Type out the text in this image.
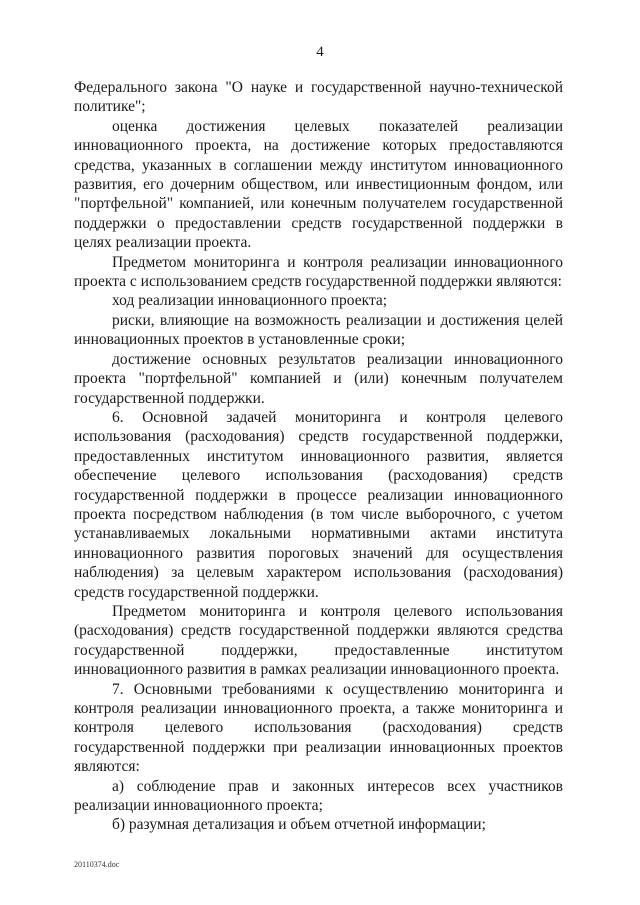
4

Федерального закона "О науке и государственной научно-технической политике";

оценка достижения целевых показателей реализации инновационного проекта, на достижение которых предоставляются средства, указанных в соглашении между институтом инновационного развития, его дочерним обществом, или инвестиционным фондом, или "портфельной" компанией, или конечным получателем государственной поддержки о предоставлении средств государственной поддержки в целях реализации проекта.

Предметом мониторинга и контроля реализации инновационного проекта с использованием средств государственной поддержки являются:

ход реализации инновационного проекта;

риски, влияющие на возможность реализации и достижения целей инновационных проектов в установленные сроки;

достижение основных результатов реализации инновационного проекта "портфельной" компанией и (или) конечным получателем государственной поддержки.

6. Основной задачей мониторинга и контроля целевого использования (расходования) средств государственной поддержки, предоставленных институтом инновационного развития, является обеспечение целевого использования (расходования) средств государственной поддержки в процессе реализации инновационного проекта посредством наблюдения (в том числе выборочного, с учетом устанавливаемых локальными нормативными актами института инновационного развития пороговых значений для осуществления наблюдения) за целевым характером использования (расходования) средств государственной поддержки.

Предметом мониторинга и контроля целевого использования (расходования) средств государственной поддержки являются средства государственной поддержки, предоставленные институтом инновационного развития в рамках реализации инновационного проекта.

7. Основными требованиями к осуществлению мониторинга и контроля реализации инновационного проекта, а также мониторинга и контроля целевого использования (расходования) средств государственной поддержки при реализации инновационных проектов являются:

а) соблюдение прав и законных интересов всех участников реализации инновационного проекта;

б) разумная детализация и объем отчетной информации;

20110374.doc
